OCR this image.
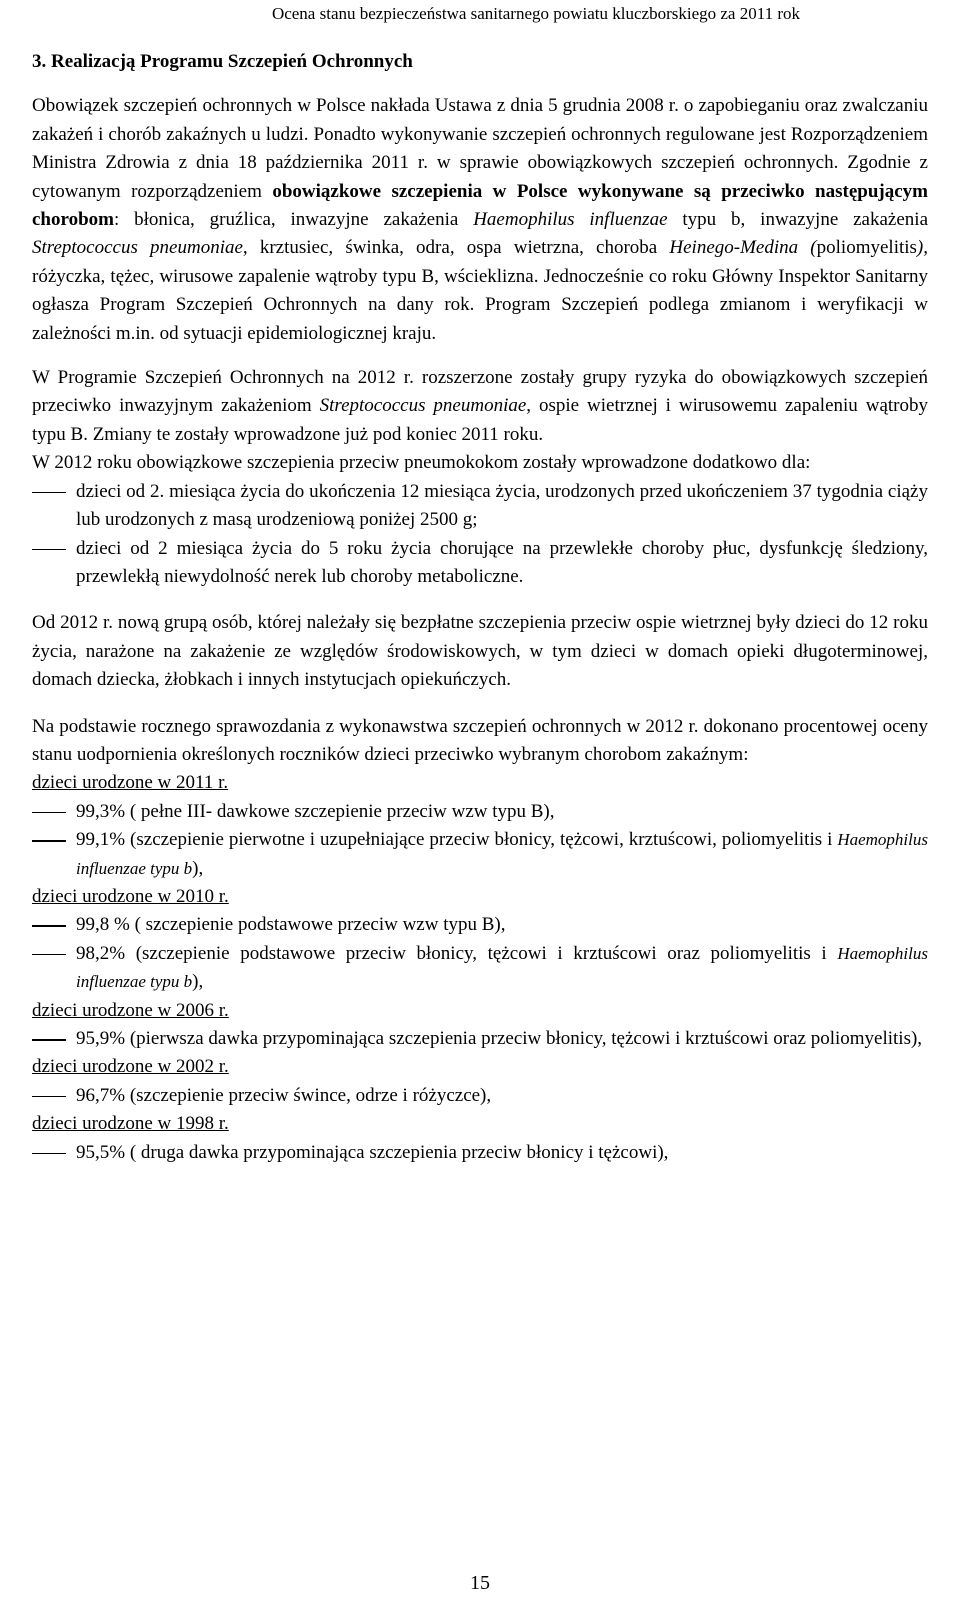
Ocena stanu bezpieczeństwa sanitarnego powiatu kluczborskiego za 2011 rok

3. Realizacją Programu Szczepień Ochronnych

Obowiązek szczepień ochronnych w Polsce nakłada Ustawa z dnia 5 grudnia 2008 r. o zapobieganiu oraz zwalczaniu zakażeń i chorób zakaźnych u ludzi. Ponadto wykonywanie szczepień ochronnych regulowane jest Rozporządzeniem Ministra Zdrowia z dnia 18 października 2011 r. w sprawie obowiązkowych szczepień ochronnych. Zgodnie z cytowanym rozporządzeniem obowiązkowe szczepienia w Polsce wykonywane są przeciwko następującym chorobom: błonica, gruźlica, inwazyjne zakażenia Haemophilus influenzae typu b, inwazyjne zakażenia Streptococcus pneumoniae, krztusiec, świnka, odra, ospa wietrzna, choroba Heinego-Medina (poliomyelitis), różyczka, tężec, wirusowe zapalenie wątroby typu B, wścieklizna. Jednocześnie co roku Główny Inspektor Sanitarny ogłasza Program Szczepień Ochronnych na dany rok. Program Szczepień podlega zmianom i weryfikacji w zależności m.in. od sytuacji epidemiologicznej kraju.

W Programie Szczepień Ochronnych na 2012 r. rozszerzone zostały grupy ryzyka do obowiązkowych szczepień przeciwko inwazyjnym zakażeniom Streptococcus pneumoniae, ospie wietrznej i wirusowemu zapaleniu wątroby typu B. Zmiany te zostały wprowadzone już pod koniec 2011 roku.

W 2012 roku obowiązkowe szczepienia przeciw pneumokokom zostały wprowadzone dodatkowo dla:

dzieci od 2. miesiąca życia do ukończenia 12 miesiąca życia, urodzonych przed ukończeniem 37 tygodnia ciąży lub urodzonych z masą urodzeniową poniżej 2500 g;

dzieci od 2 miesiąca życia do 5 roku życia chorujące na przewlekłe choroby płuc, dysfunkcję śledziony, przewlekłą niewydolność nerek lub choroby metaboliczne.

Od 2012 r. nową grupą osób, której należały się bezpłatne szczepienia przeciw ospie wietrznej były dzieci do 12 roku życia, narażone na zakażenie ze względów środowiskowych, w tym dzieci w domach opieki długoterminowej, domach dziecka, żłobkach i innych instytucjach opiekuńczych.

Na podstawie rocznego sprawozdania z wykonawstwa szczepień ochronnych w 2012 r. dokonano procentowej oceny stanu uodpornienia określonych roczników dzieci przeciwko wybranym chorobom zakaźnym:

dzieci urodzone w 2011 r.

99,3% ( pełne III- dawkowe szczepienie przeciw wzw typu B),

99,1% (szczepienie pierwotne i uzupełniające przeciw błonicy, tężcowi, krztuścowi, poliomyelitis i Haemophilus influenzae typu b),

dzieci urodzone w 2010 r.

99,8 % ( szczepienie podstawowe przeciw wzw typu B),

98,2% (szczepienie podstawowe przeciw błonicy, tężcowi i krztuścowi oraz poliomyelitis i Haemophilus influenzae typu b),

dzieci urodzone w 2006 r.

95,9% (pierwsza dawka przypominająca szczepienia przeciw błonicy, tężcowi i krztuścowi oraz poliomyelitis),

dzieci urodzone w 2002 r.

96,7% (szczepienie przeciw śwince, odrze i różyczce),

dzieci urodzone w 1998 r.

95,5% ( druga dawka przypominająca szczepienia przeciw błonicy i tężcowi),

15
